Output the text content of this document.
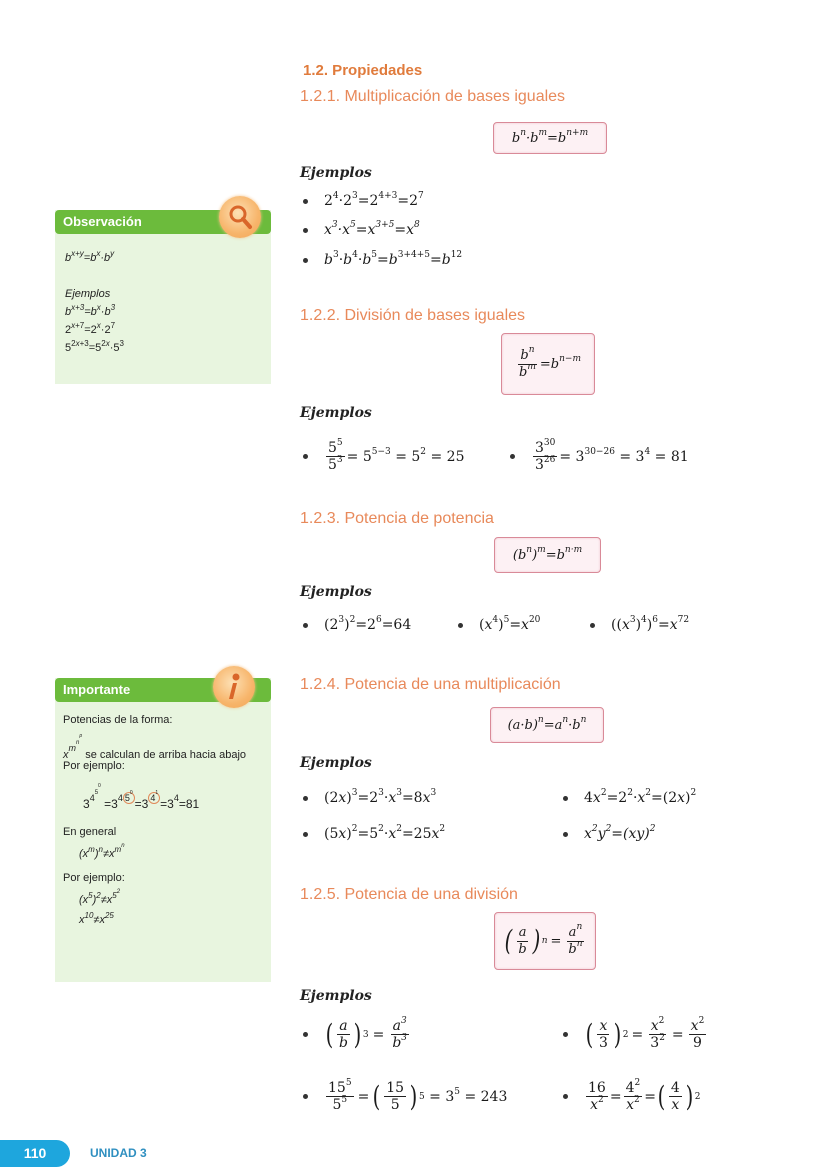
1.2. Propiedades
1.2.1. Multiplicación de bases iguales
$b^n\cdot b^m=b^{n+m}$
Ejemplos
$2^4\cdot 2^3=2^{4+3}=2^7$
$x^3\cdot x^5=x^{3+5}=x^8$
$b^3\cdot b^4\cdot b^5=b^{3+4+5}=b^{12}$
1.2.2. División de bases iguales
$\frac{b^n}{b^m} =b^{n-m}$
Ejemplos
$\frac{5^5}{5^3} = 5^{5-3} = 5^2 = 25$	$\frac{3^{30}}{3^{26}} = 3^{30-26} = 3^4 = 81$
1.2.3. Potencia de potencia
$(b^n)^m=b^{n\cdot m}$
Ejemplos
$(2^3)^2=2^6=64$	$(x^4)^5=x^{20}$	$((x^3)^4)^6=x^{72}$
1.2.4. Potencia de una multiplicación
$(a\cdot b)^n=a^n\cdot b^n$
Ejemplos
$(2x)^3=2^3\cdot x^3=8x^3$	$4x^2=2^2\cdot x^2=(2x)^2$
$(5x)^2=5^2\cdot x^2=25x^2$	$x^2y^2=(xy)^2$
1.2.5. Potencia de una división
( $\frac{a}{b}$ ) $n = \frac{a^n}{b^n}$
Ejemplos
( $\frac{a}{b}$ ) $3 = \frac{a^3}{b^3}$	( $\frac{x}{3}$ ) $2 = \frac{x^2}{3^2} = \frac{x^2}{9}$
$\frac{15^5}{5^5}$ = ( $\frac{15}{5}$ ) $5 = 3^5 = 243$	$\frac{16}{x^2} = \frac{4^2}{x^2}$ = ( $\frac{4}{x}$ ) 2
Observación
$b^{x+y}=b^x\cdot b^y$
Ejemplos
$b^{x+3}=b^x\cdot b^3$
$2^{x+7}=2^x\cdot 2^7$
$5^{2x+3}=5^{2x}\cdot 5^3$
Importante
Potencias de la forma:
$x^{m^{n^p}}$ se calculan de arriba hacia abajo
Por ejemplo:
$3^{4^{5^0}} =3^{4 5^0}=3$ $^{4^1}=3^4=81$
En general
$(x^m)^n\ne x^{m^n}$
Por ejemplo:
$(x^5)^2\ne x^{5^2}$
$x^{10}\ne x^{25}$
110	UNIDAD 3
